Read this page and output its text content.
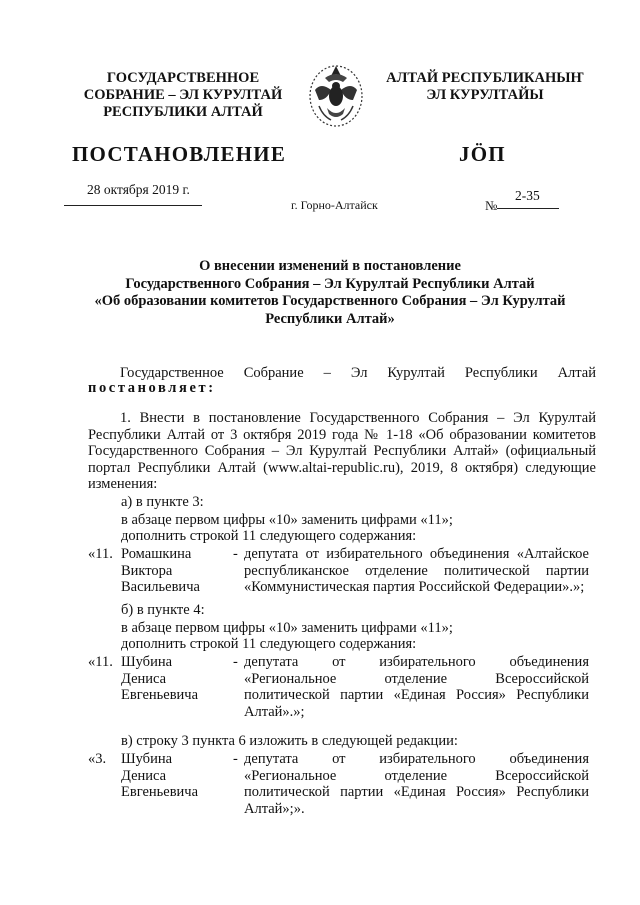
ГОСУДАРСТВЕННОЕ
СОБРАНИЕ – ЭЛ КУРУЛТАЙ
РЕСПУБЛИКИ АЛТАЙ
АЛТАЙ РЕСПУБЛИКАНЫҤ
ЭЛ КУРУЛТАЙЫ
ПОСТАНОВЛЕНИЕ	ЈӦП
28 октября 2019 г.
г. Горно-Алтайск	№
2-35
О внесении изменений в постановление
Государственного Собрания – Эл Курултай Республики Алтай
«Об образовании комитетов Государственного Собрания – Эл Курултай
Республики Алтай»
Государственное Собрание – Эл Курултай Республики Алтай
постановляет:
1. Внести в постановление Государственного Собрания – Эл Курултай
Республики Алтай от 3 октября 2019 года № 1-18 «Об образовании комитетов
Государственного Собрания – Эл Курултай Республики Алтай» (официальный
портал Республики Алтай (www.altai-republic.ru), 2019, 8 октября) следующие
изменения:
а) в пункте 3:
в абзаце первом цифры «10» заменить цифрами «11»;
дополнить строкой 11 следующего содержания:
«11. Ромашкина
Виктора
Васильевича
- депутата от избирательного объединения «Алтайское
республиканское отделение политической партии
«Коммунистическая партия Российской Федерации».»;
б) в пункте 4:
в абзаце первом цифры «10» заменить цифрами «11»;
дополнить строкой 11 следующего содержания:
«11. Шубина
Дениса
Евгеньевича
- депутата от избирательного объединения
«Региональное отделение Всероссийской
политической партии «Единая Россия» Республики
Алтай».»;
в) строку 3 пункта 6 изложить в следующей редакции:
«3. Шубина
Дениса
Евгеньевича
- депутата от избирательного объединения
«Региональное отделение Всероссийской
политической партии «Единая Россия» Республики
Алтай»;».
